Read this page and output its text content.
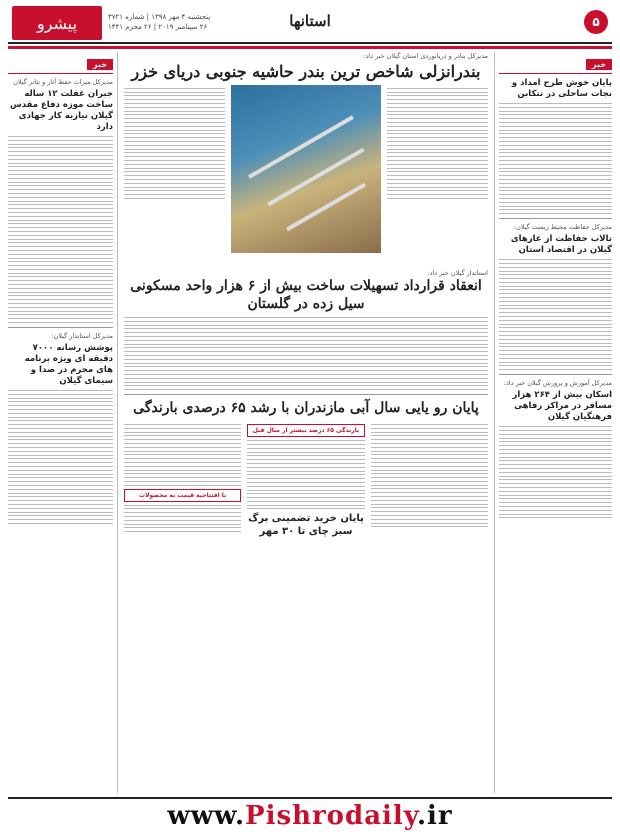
۵
استانها
پنجشنبه ۴ مهر ۱۳۹۸ | شماره ۳۷۲۱
۲۶ سپتامبر ۲۰۱۹ | ۲۶ محرم ۱۴۴۱
پیشرو
خبر
پایان خوش طرح امداد و نجات ساحلی در تنکابن
مدیرکل حفاظت محیط زیست گیلان:
تالاب حفاظت از غازهای گیلان در اقتصاد استان
مدیرکل آموزش و پرورش گیلان خبر داد:
اسکان بیش از ۲۶۴ هزار مسافر در مراکز رفاهی فرهنگیان گیلان
مدیرکل بنادر و دریانوردی استان گیلان خبر داد:
بندرانزلی شاخص ترین بندر حاشیه جنوبی دریای خزر
استاندار گیلان خبر داد:
انعقاد قرارداد تسهیلات ساخت بیش از ۶ هزار واحد مسکونی سیل زده در گلستان
پایان رو یایی سال آبی مازندران با رشد ۶۵ درصدی بارندگی
بارندگی ۶۵ درصد بیشتر از سال قبل
پایان خرید تضمینی برگ سبز چای تا ۳۰ مهر
با افتتاحیه قیمت به محصولات
خبر
مدیرکل میراث حفظ آثار و تئاتر گیلان
جبران غفلت ۱۲ ساله ساخت موزه دفاع مقدس گیلان نیازبه کار جهادی دارد
مدیرکل استاندار گیلان:
پوشش رسانه ۷۰۰۰ دقیقه ای ویژه برنامه های محرم در صدا و سیمای گیلان
www.Pishrodaily.ir
